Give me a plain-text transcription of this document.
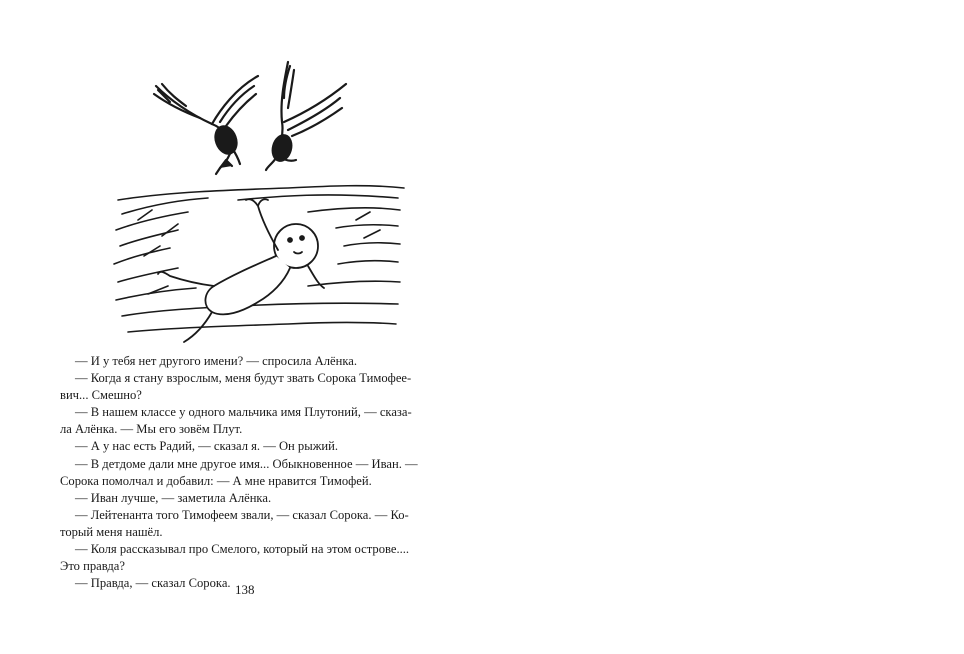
— И у тебя нет другого имени? — спросила Алёнка.
— Когда я стану взрослым, меня будут звать Сорока Тимофее-
вич... Смешно?
— В нашем классе у одного мальчика имя Плутоний, — сказа-
ла Алёнка. — Мы его зовём Плут.
— А у нас есть Радий, — сказал я. — Он рыжий.
— В детдоме дали мне другое имя... Обыкновенное — Иван. —
Сорока помолчал и добавил: — А мне нравится Тимофей.
— Иван лучше, — заметила Алёнка.
— Лейтенанта того Тимофеем звали, — сказал Сорока. — Ко-
торый меня нашёл.
— Коля рассказывал про Смелого, который на этом острове....
Это правда?
— Правда, — сказал Сорока. 138
